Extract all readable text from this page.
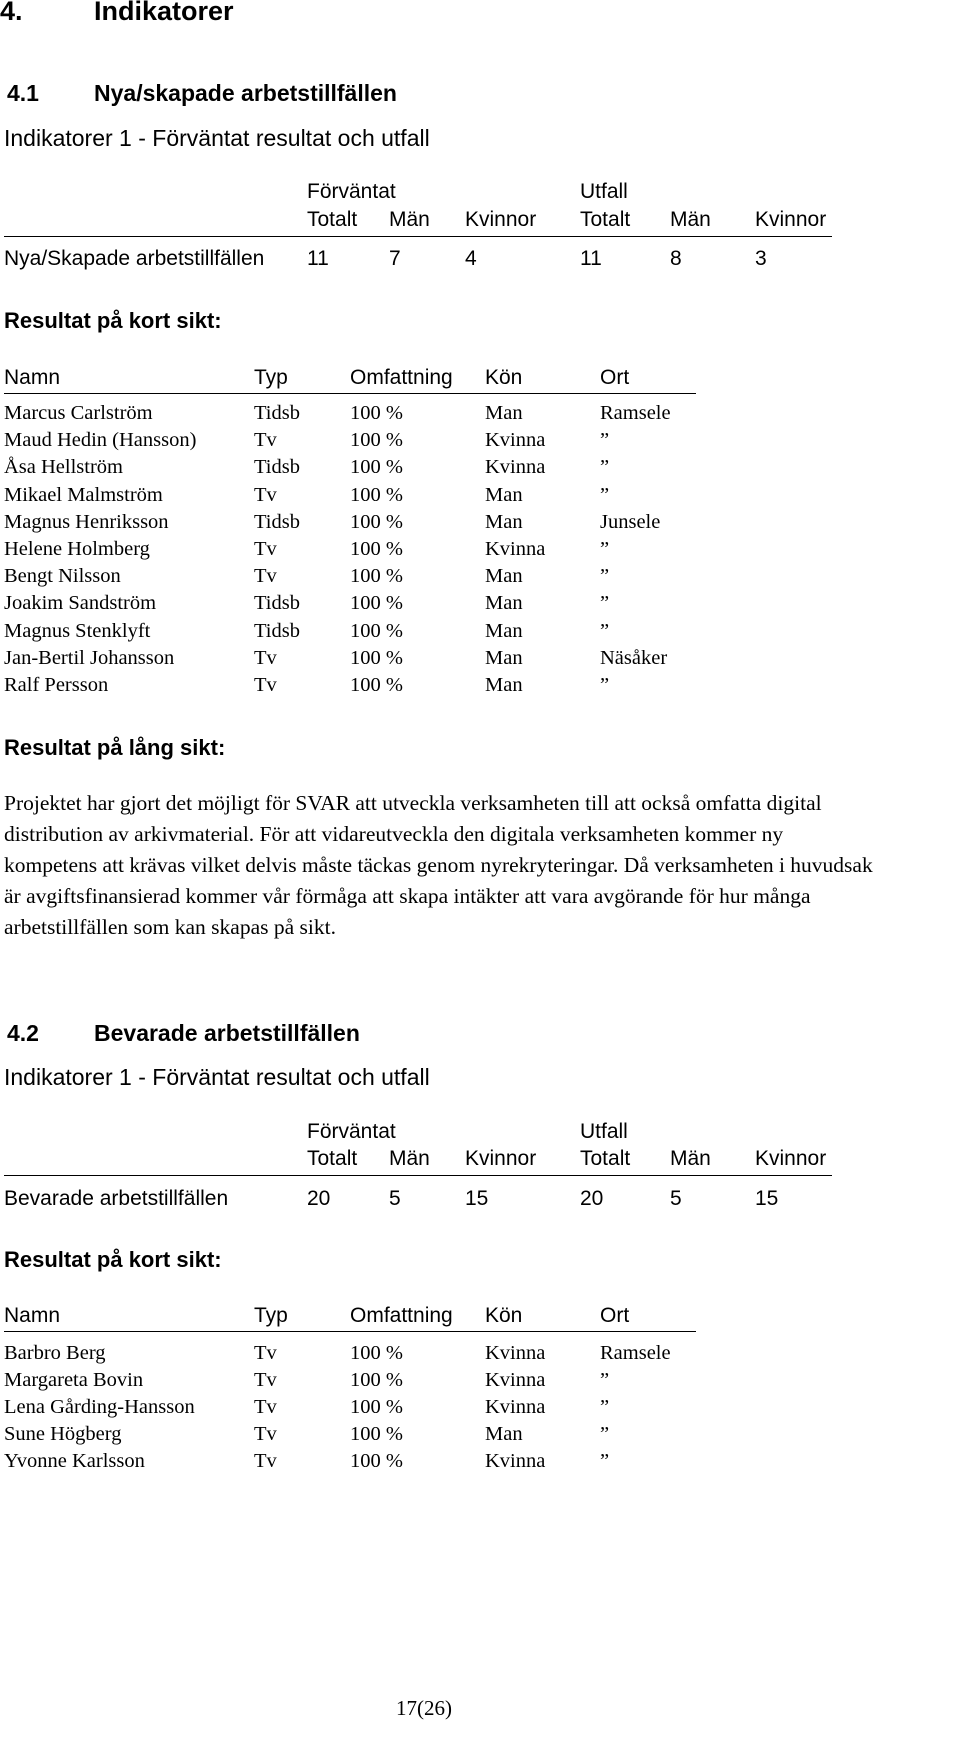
4.	Indikatorer
4.1 Nya/skapade arbetstillfällen
Indikatorer 1 - Förväntat resultat och utfall
Förväntat	Utfall
Totalt Män Kvinnor Totalt Män Kvinnor
Nya/Skapade arbetstillfällen 11	7	4	11	8	3
Resultat på kort sikt:
Namn	Typ	Omfattning Kön	Ort
Marcus Carlström	Tidsb 100 %	Man	Ramsele
Maud Hedin (Hansson)	Tv	100 %	Kvinna	”
Åsa Hellström	Tidsb 100 %	Kvinna	”
Mikael Malmström	Tv	100 %	Man	”
Magnus Henriksson	Tidsb 100 %	Man	Junsele
Helene Holmberg	Tv	100 %	Kvinna	”
Bengt Nilsson	Tv	100 %	Man	”
Joakim Sandström	Tidsb 100 %	Man	”
Magnus Stenklyft	Tidsb 100 %	Man	”
Jan-Bertil Johansson	Tv	100 %	Man	Näsåker
Ralf Persson	Tv	100 %	Man	”
Resultat på lång sikt:
Projektet har gjort det möjligt för SVAR att utveckla verksamheten till att också omfatta digital distribution av arkivmaterial. För att vidareutveckla den digitala verksamheten kommer ny kompetens att krävas vilket delvis måste täckas genom nyrekryteringar. Då verksamheten i huvudsak är avgiftsfinansierad kommer vår förmåga att skapa intäkter att vara avgörande för hur många arbetstillfällen som kan skapas på sikt.
4.2 Bevarade arbetstillfällen
Indikatorer 1 - Förväntat resultat och utfall
Förväntat	Utfall
Totalt Män Kvinnor Totalt Män Kvinnor
Bevarade arbetstillfällen	20	5	15	20	5	15
Resultat på kort sikt:
Namn	Typ	Omfattning Kön	Ort
Barbro Berg	Tv	100 %	Kvinna	Ramsele
Margareta Bovin	Tv	100 %	Kvinna	”
Lena Gårding-Hansson	Tv	100 %	Kvinna	”
Sune Högberg	Tv	100 %	Man	”
Yvonne Karlsson	Tv	100 %	Kvinna	”
17(26)
